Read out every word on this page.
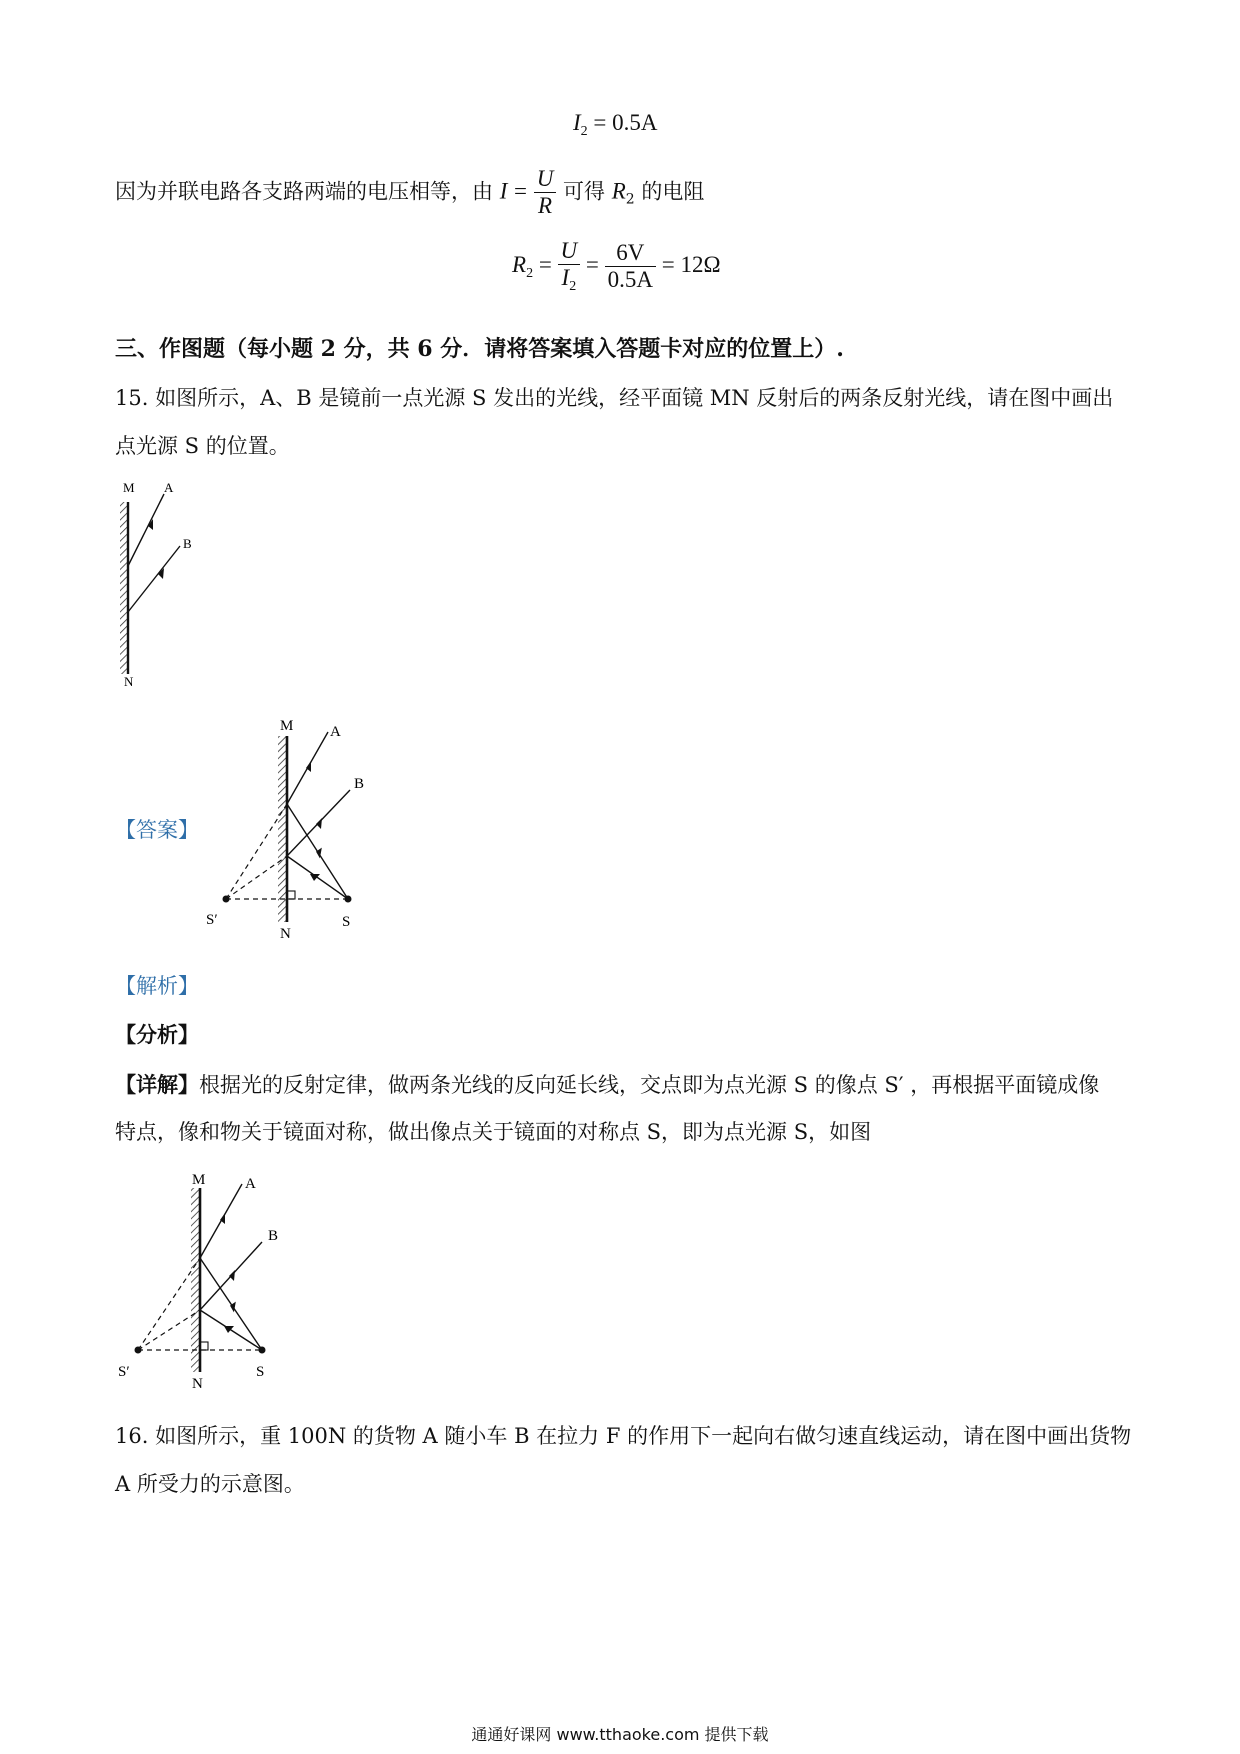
$I_2 = 0.5A$
因为并联电路各支路两端的电压相等，由 $I = \frac{U}{R}$ 可得 $R_2$ 的电阻
$R_2 = \frac{U}{I_2} = \frac{6V}{0.5A} = 12\Omega$
三、作图题（每小题 2 分，共 6 分．请将答案填入答题卡对应的位置上）.
15. 如图所示，A、B 是镜前一点光源 S 发出的光线，经平面镜 MN 反射后的两条反射光线，请在图中画出
点光源 S 的位置。
M A
B
N
【答案】
M A
B
S′
N
S
【解析】
【分析】
【详解】根据光的反射定律，做两条光线的反向延长线，交点即为点光源 S 的像点 S′ ，再根据平面镜成像
特点，像和物关于镜面对称，做出像点关于镜面的对称点 S，即为点光源 S，如图
M	A
B
S′
N
S
16. 如图所示，重 100N 的货物 A 随小车 B 在拉力 F 的作用下一起向右做匀速直线运动，请在图中画出货物
A 所受力的示意图。
通通好课网 www.tthaoke.com 提供下载
